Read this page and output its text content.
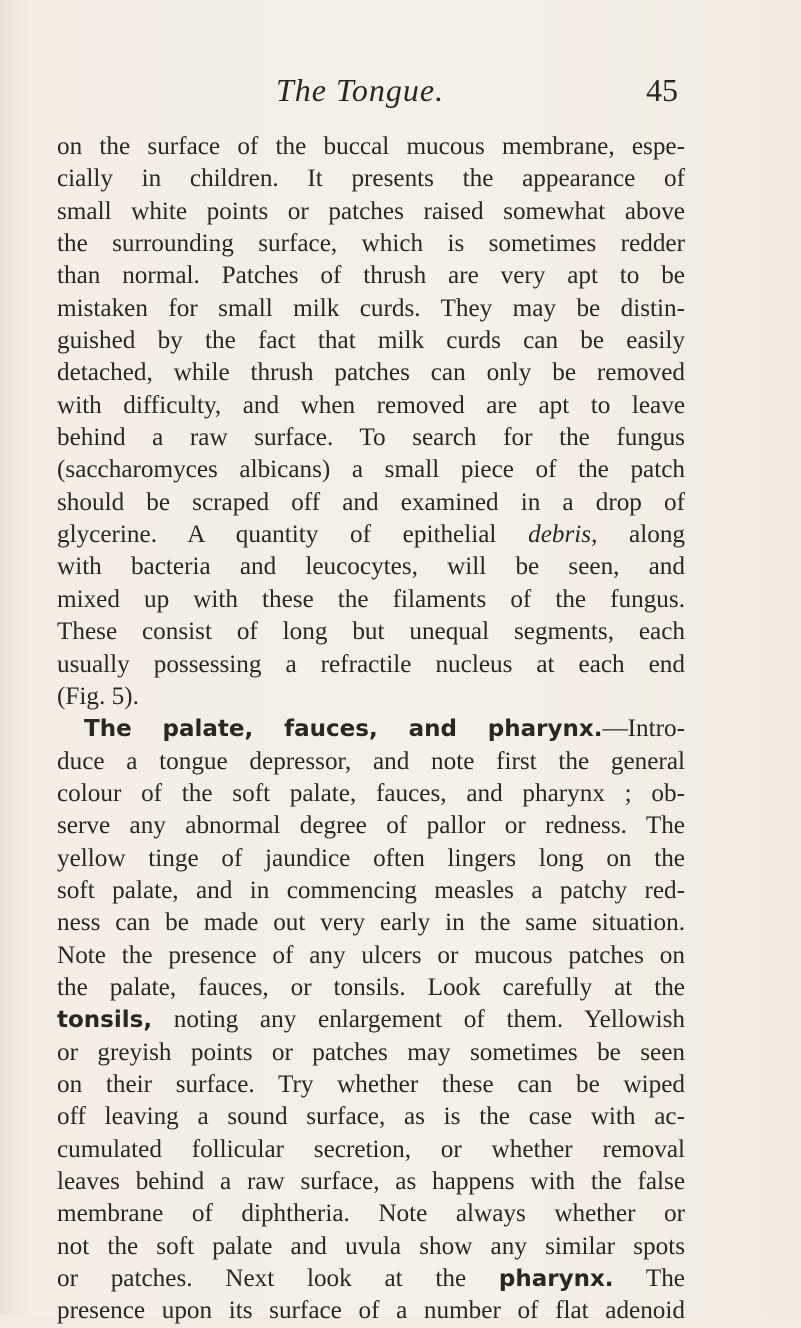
The Tongue.	45
on the surface of the buccal mucous membrane, espe-
cially in children. It presents the appearance of
small white points or patches raised somewhat above
the surrounding surface, which is sometimes redder
than normal. Patches of thrush are very apt to be
mistaken for small milk curds. They may be distin-
guished by the fact that milk curds can be easily
detached, while thrush patches can only be removed
with difficulty, and when removed are apt to leave
behind a raw surface. To search for the fungus
(saccharomyces albicans) a small piece of the patch
should be scraped off and examined in a drop of
glycerine. A quantity of epithelial debris, along
with bacteria and leucocytes, will be seen, and
mixed up with these the filaments of the fungus.
These consist of long but unequal segments, each
usually possessing a refractile nucleus at each end
(Fig. 5).
The palate, fauces, and pharynx.—Intro-
duce a tongue depressor, and note first the general
colour of the soft palate, fauces, and pharynx ; ob-
serve any abnormal degree of pallor or redness. The
yellow tinge of jaundice often lingers long on the
soft palate, and in commencing measles a patchy red-
ness can be made out very early in the same situation.
Note the presence of any ulcers or mucous patches on
the palate, fauces, or tonsils. Look carefully at the
tonsils, noting any enlargement of them. Yellowish
or greyish points or patches may sometimes be seen
on their surface. Try whether these can be wiped
off leaving a sound surface, as is the case with ac-
cumulated follicular secretion, or whether removal
leaves behind a raw surface, as happens with the false
membrane of diphtheria. Note always whether or
not the soft palate and uvula show any similar spots
or patches. Next look at the pharynx. The
presence upon its surface of a number of flat adenoid
